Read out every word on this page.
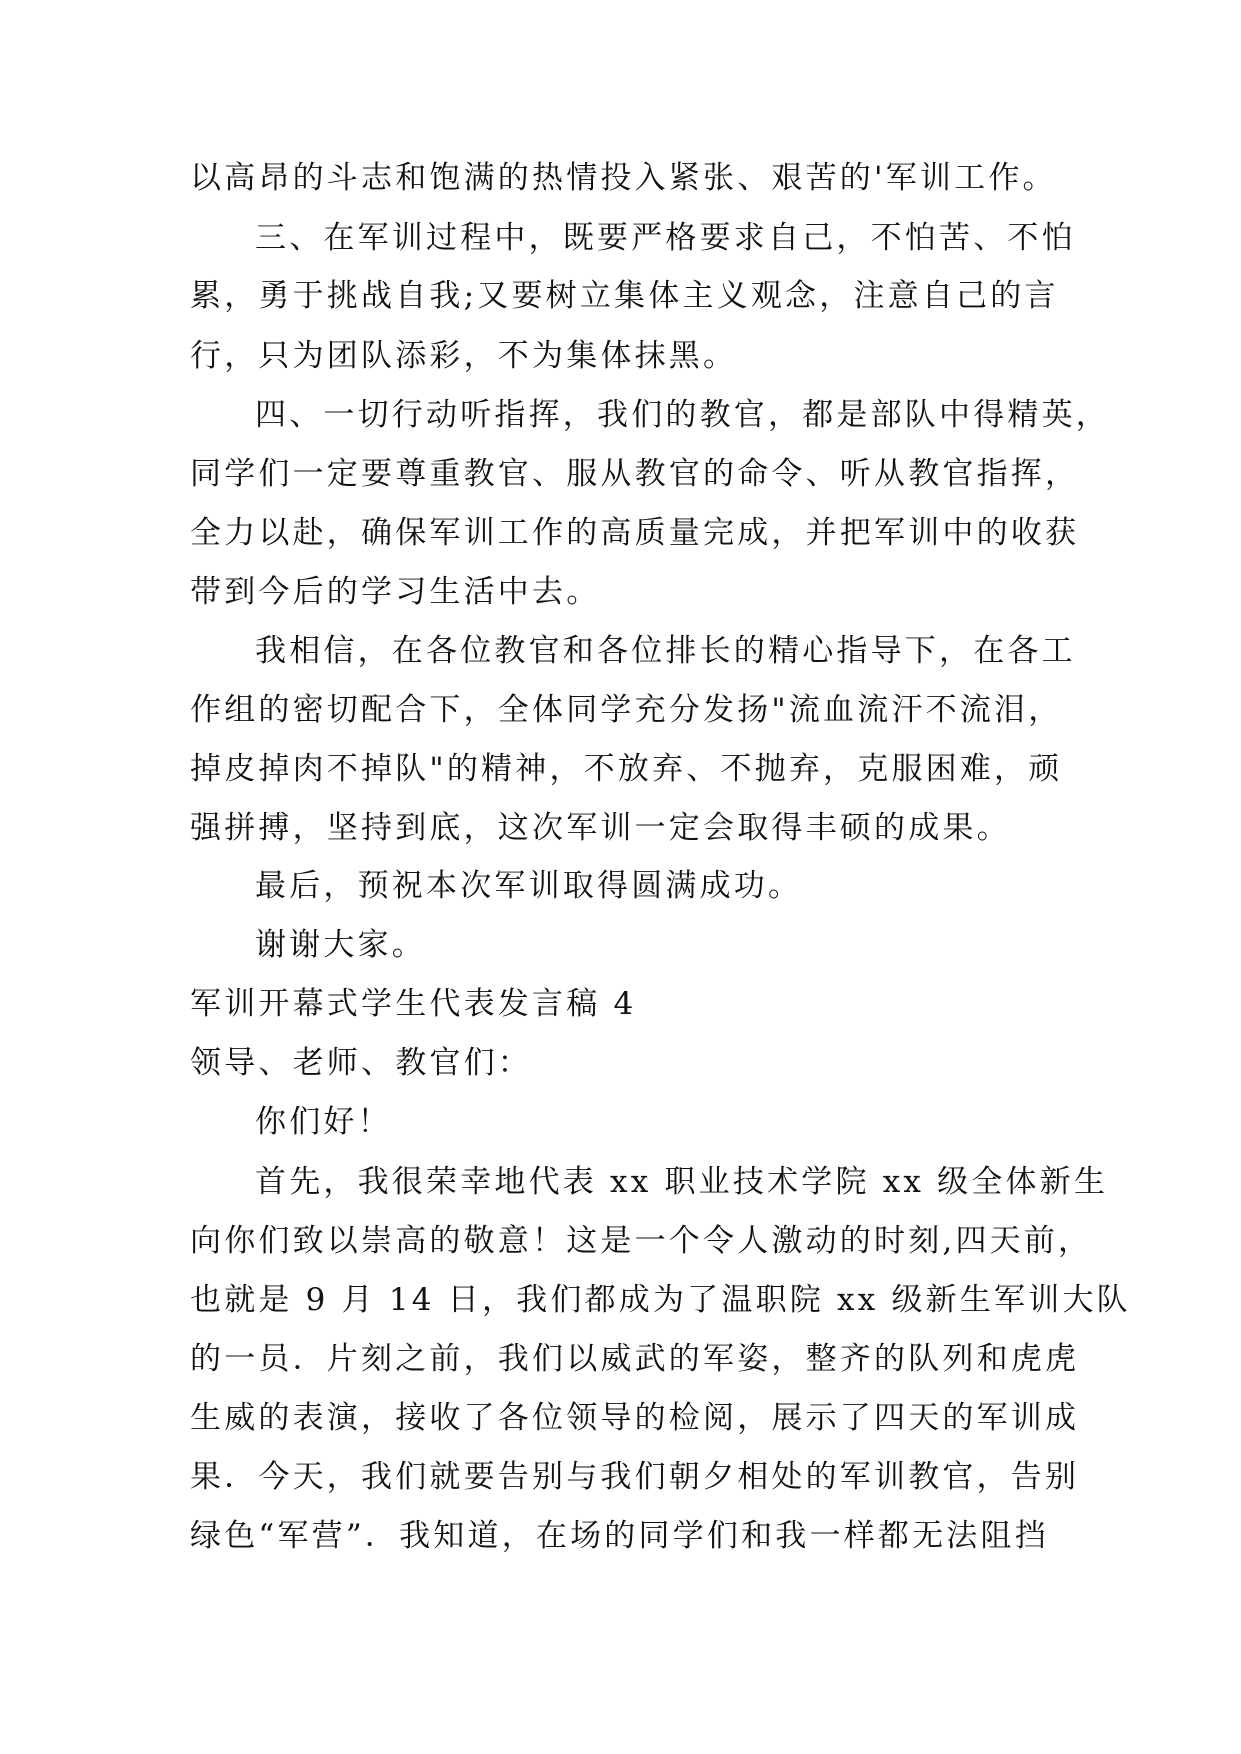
以高昂的斗志和饱满的热情投入紧张、艰苦的'军训工作。
三、在军训过程中，既要严格要求自己，不怕苦、不怕
累，勇于挑战自我;又要树立集体主义观念，注意自己的言
行，只为团队添彩，不为集体抹黑。
四、一切行动听指挥，我们的教官，都是部队中得精英，
同学们一定要尊重教官、服从教官的命令、听从教官指挥，
全力以赴，确保军训工作的高质量完成，并把军训中的收获
带到今后的学习生活中去。
我相信，在各位教官和各位排长的精心指导下，在各工
作组的密切配合下，全体同学充分发扬"流血流汗不流泪，
掉皮掉肉不掉队"的精神，不放弃、不抛弃，克服困难，顽
强拼搏，坚持到底，这次军训一定会取得丰硕的成果。
最后，预祝本次军训取得圆满成功。
谢谢大家。
军训开幕式学生代表发言稿 4
领导、老师、教官们：
你们好！
首先，我很荣幸地代表 xx 职业技术学院 xx 级全体新生
向你们致以崇高的敬意！这是一个令人激动的时刻,四天前，
也就是 9 月 14 日，我们都成为了温职院 xx 级新生军训大队
的一员．片刻之前，我们以威武的军姿，整齐的队列和虎虎
生威的表演，接收了各位领导的检阅，展示了四天的军训成
果．今天，我们就要告别与我们朝夕相处的军训教官，告别
绿色“军营”．我知道，在场的同学们和我一样都无法阻挡
